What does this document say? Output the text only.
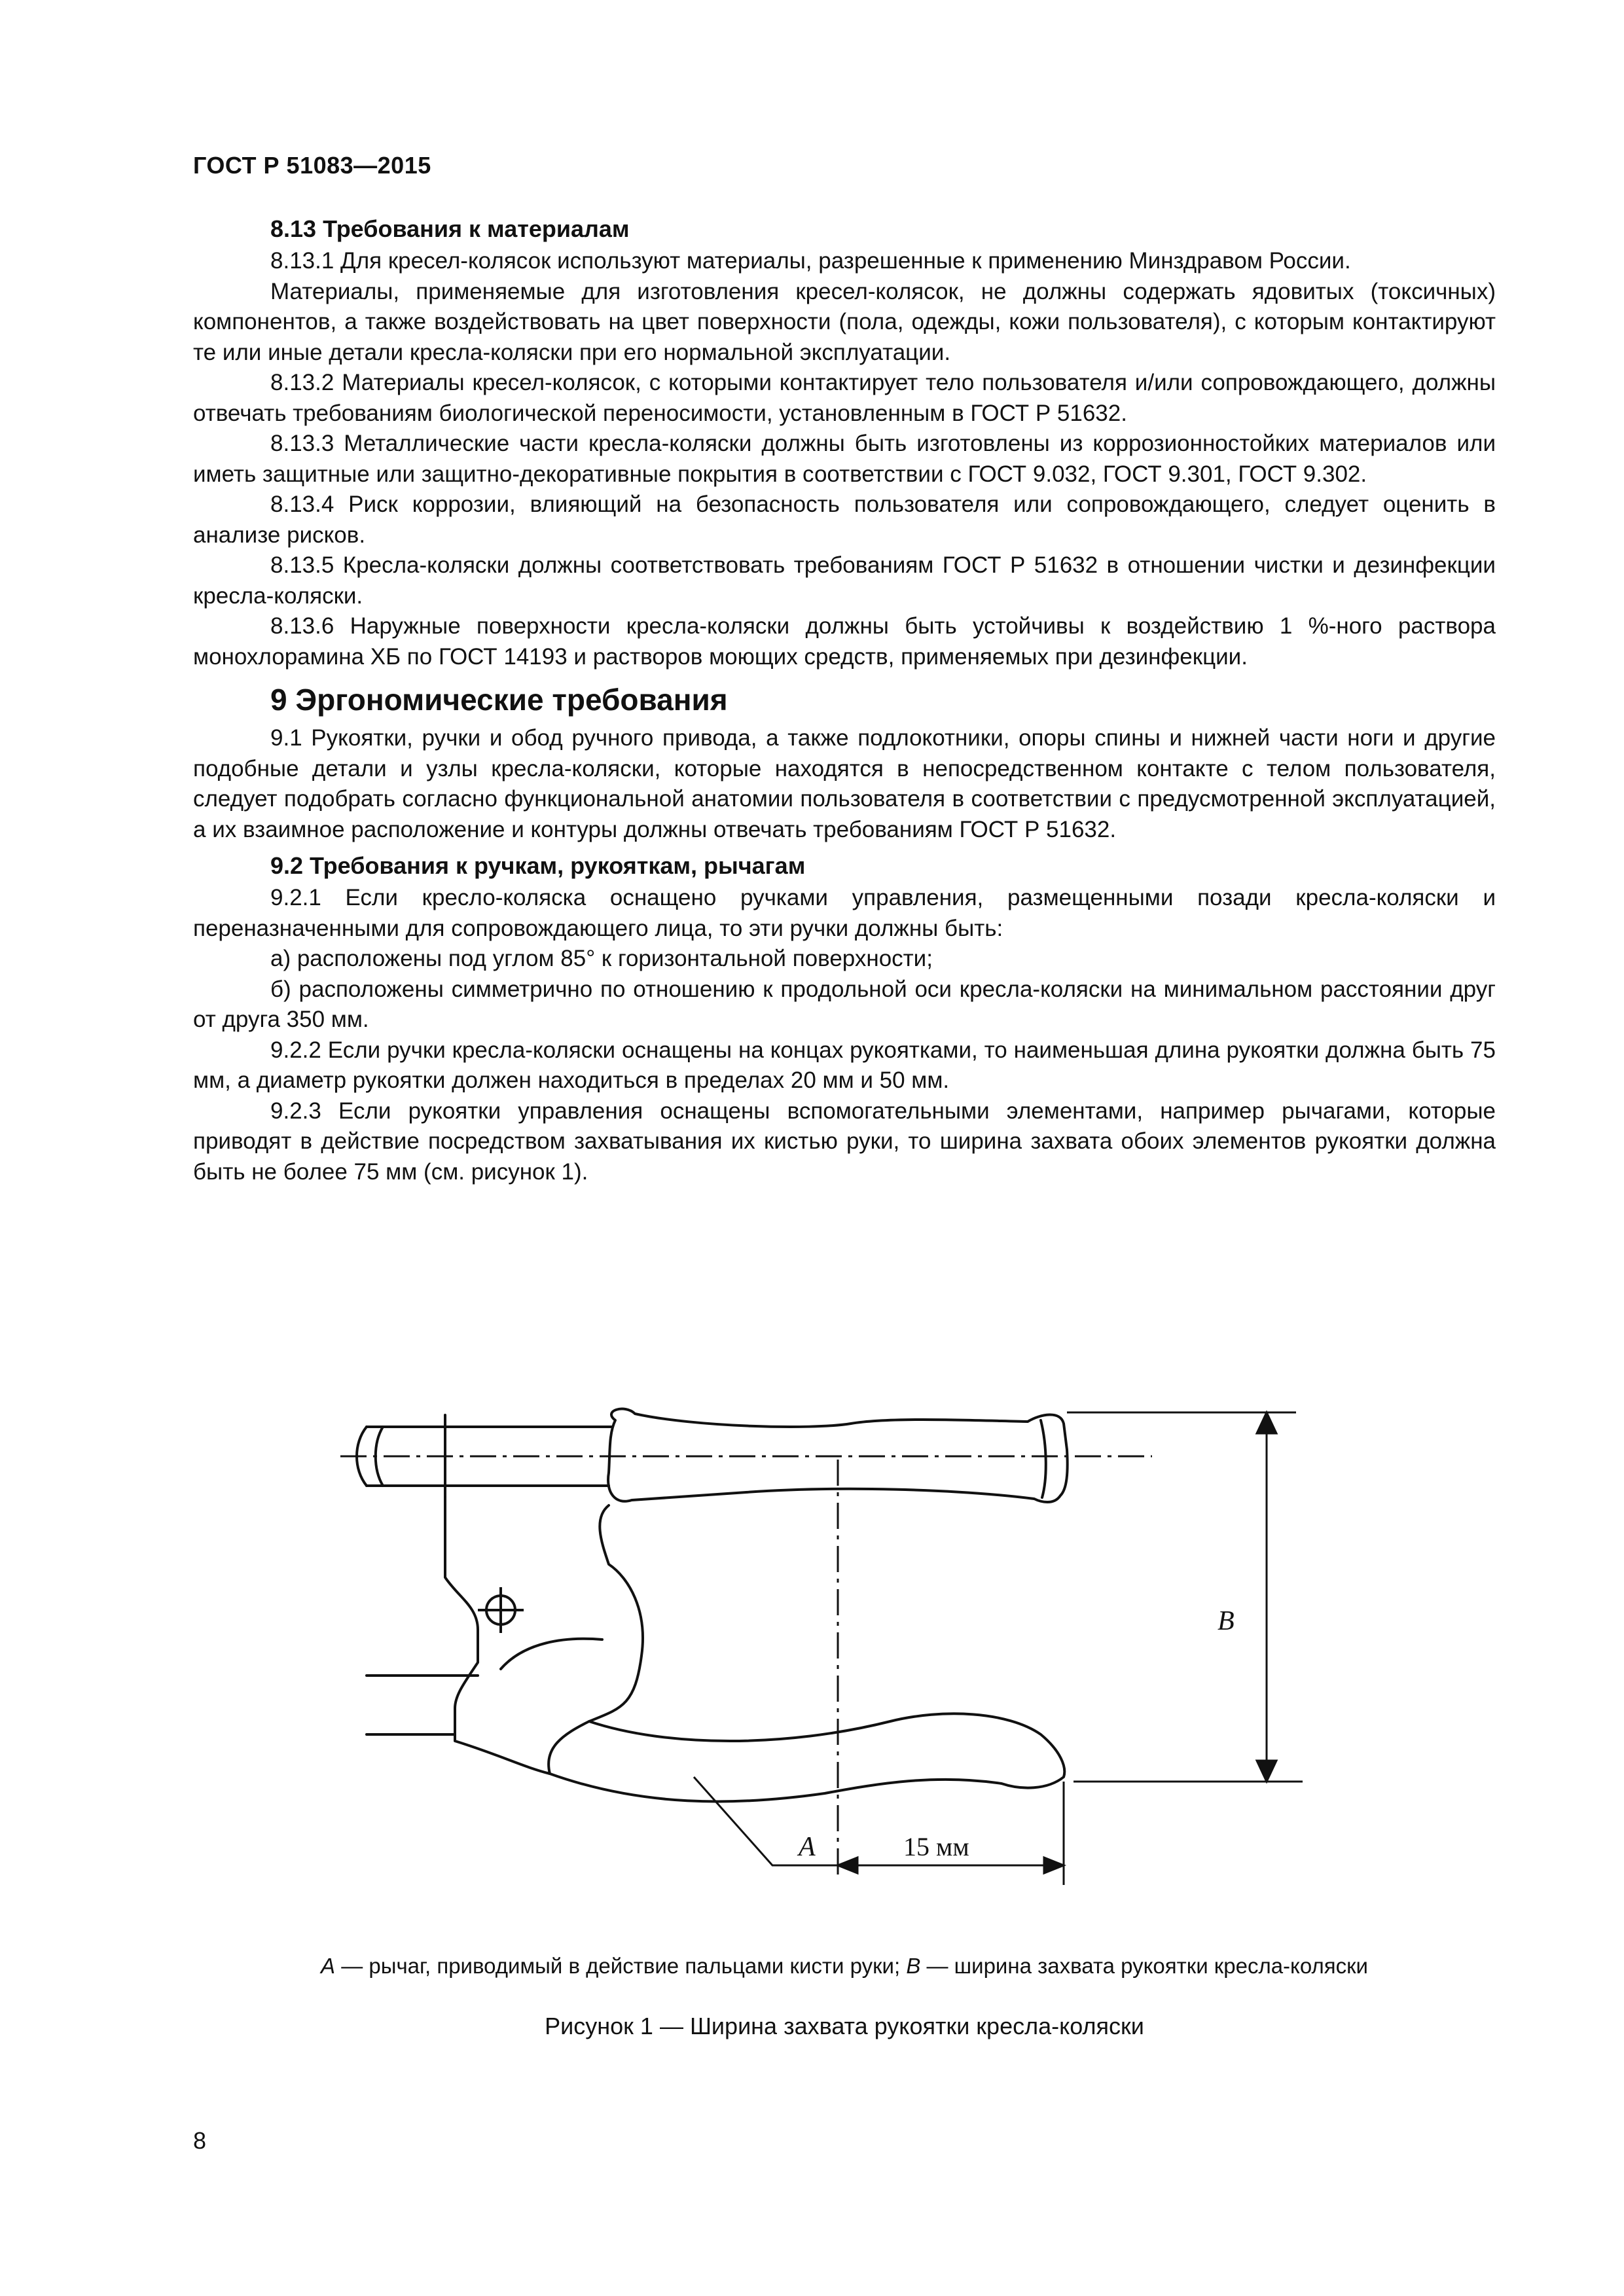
ГОСТ Р 51083—2015
8.13 Требования к материалам

8.13.1 Для кресел-колясок используют материалы, разрешенные к применению Минздравом России.

Материалы, применяемые для изготовления кресел-колясок, не должны содержать ядовитых (токсичных) компонентов, а также воздействовать на цвет поверхности (пола, одежды, кожи пользователя), с которым контактируют те или иные детали кресла-коляски при его нормальной эксплуатации.

8.13.2 Материалы кресел-колясок, с которыми контактирует тело пользователя и/или сопровождающего, должны отвечать требованиям биологической переносимости, установленным в ГОСТ Р 51632.

8.13.3 Металлические части кресла-коляски должны быть изготовлены из коррозионностойких материалов или иметь защитные или защитно-декоративные покрытия в соответствии с ГОСТ 9.032, ГОСТ 9.301, ГОСТ 9.302.

8.13.4 Риск коррозии, влияющий на безопасность пользователя или сопровождающего, следует оценить в анализе рисков.

8.13.5 Кресла-коляски должны соответствовать требованиям ГОСТ Р 51632 в отношении чистки и дезинфекции кресла-коляски.

8.13.6 Наружные поверхности кресла-коляски должны быть устойчивы к воздействию 1 %-ного раствора монохлорамина ХБ по ГОСТ 14193 и растворов моющих средств, применяемых при дезинфекции.

9 Эргономические требования

9.1 Рукоятки, ручки и обод ручного привода, а также подлокотники, опоры спины и нижней части ноги и другие подобные детали и узлы кресла-коляски, которые находятся в непосредственном контакте с телом пользователя, следует подобрать согласно функциональной анатомии пользователя в соответствии с предусмотренной эксплуатацией, а их взаимное расположение и контуры должны отвечать требованиям ГОСТ Р 51632.

9.2 Требования к ручкам, рукояткам, рычагам

9.2.1 Если кресло-коляска оснащено ручками управления, размещенными позади кресла-коляски и переназначенными для сопровождающего лица, то эти ручки должны быть:

а) расположены под углом 85° к горизонтальной поверхности;

б) расположены симметрично по отношению к продольной оси кресла-коляски на минимальном расстоянии друг от друга 350 мм.

9.2.2 Если ручки кресла-коляски оснащены на концах рукоятками, то наименьшая длина рукоятки должна быть 75 мм, а диаметр рукоятки должен находиться в пределах 20 мм и 50 мм.

9.2.3 Если рукоятки управления оснащены вспомогательными элементами, например рычагами, которые приводят в действие посредством захватывания их кистью руки, то ширина захвата обоих элементов рукоятки должна быть не более 75 мм (см. рисунок 1).

B
15 мм
A
A — рычаг, приводимый в действие пальцами кисти руки; B — ширина захвата рукоятки кресла-коляски
Рисунок 1 — Ширина захвата рукоятки кресла-коляски
8
